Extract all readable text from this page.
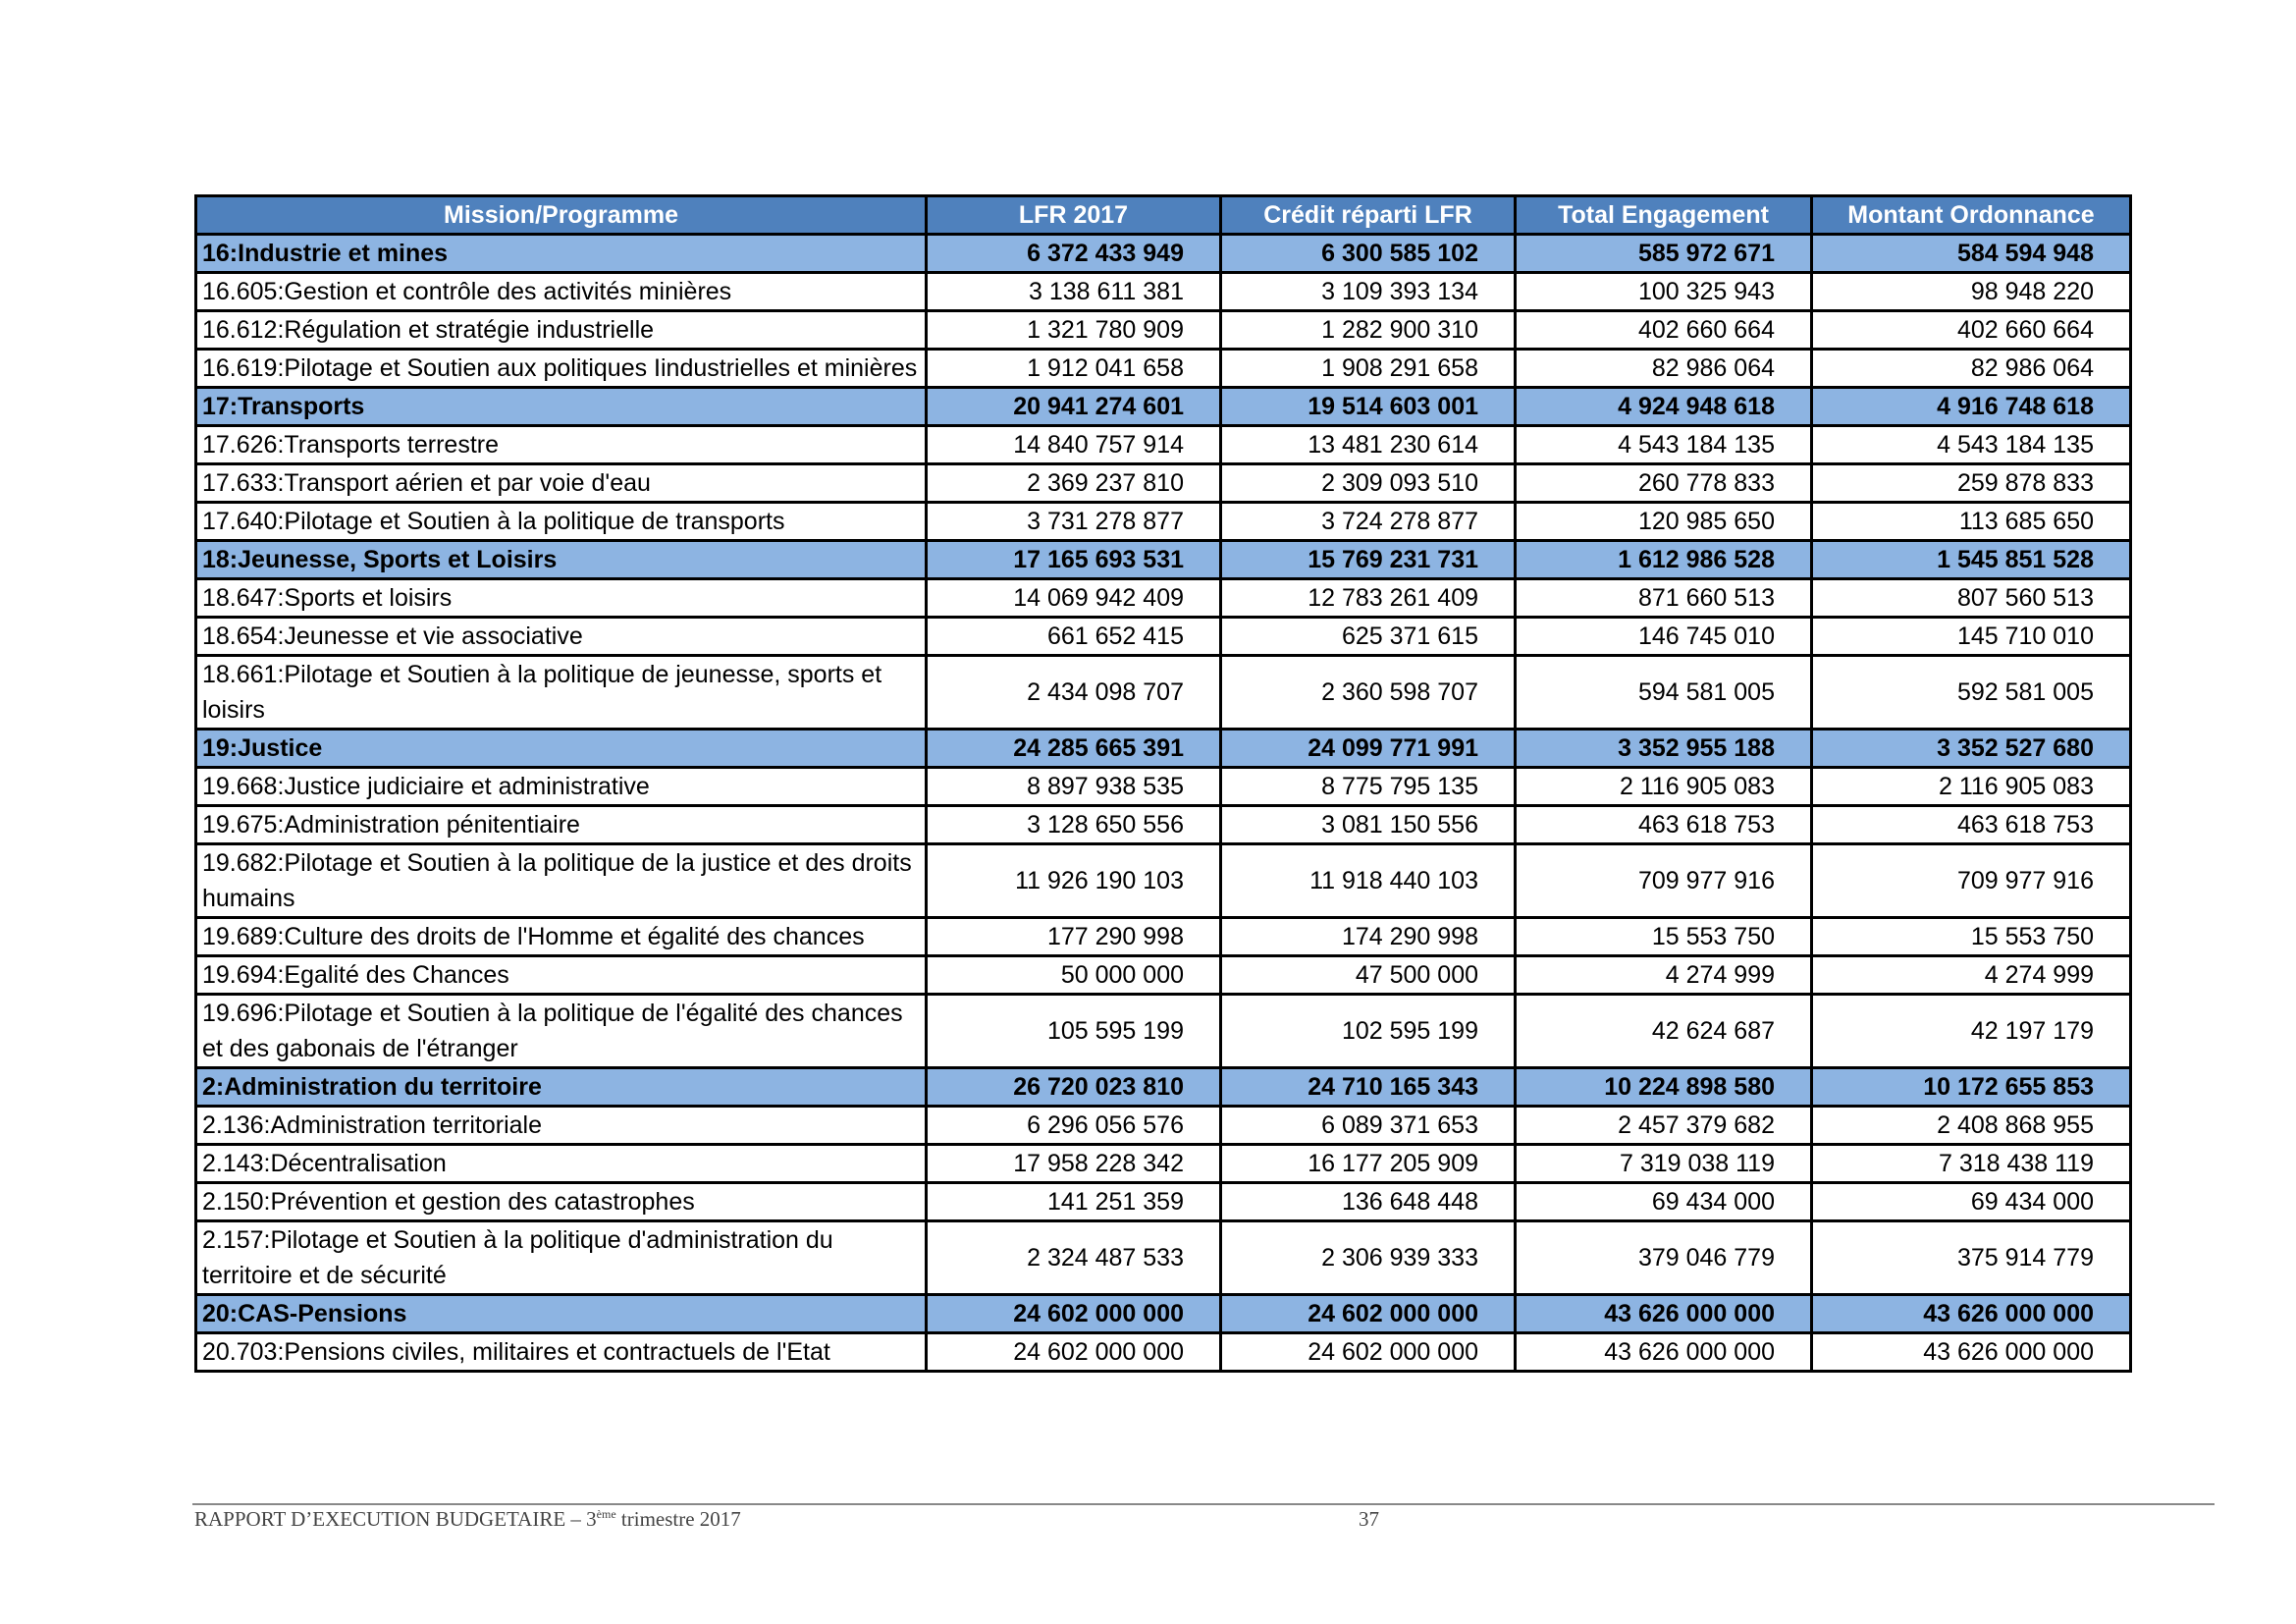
Mission/Programme	LFR 2017	Crédit réparti LFR	Total Engagement	Montant Ordonnance
16:Industrie et mines	6 372 433 949	6 300 585 102	585 972 671	584 594 948
16.605:Gestion et contrôle des activités minières	3 138 611 381	3 109 393 134	100 325 943	98 948 220
16.612:Régulation et stratégie industrielle	1 321 780 909	1 282 900 310	402 660 664	402 660 664
16.619:Pilotage et Soutien aux politiques Iindustrielles et minières	1 912 041 658	1 908 291 658	82 986 064	82 986 064
17:Transports	20 941 274 601	19 514 603 001	4 924 948 618	4 916 748 618
17.626:Transports terrestre	14 840 757 914	13 481 230 614	4 543 184 135	4 543 184 135
17.633:Transport aérien et par voie d'eau	2 369 237 810	2 309 093 510	260 778 833	259 878 833
17.640:Pilotage et Soutien à la politique de transports	3 731 278 877	3 724 278 877	120 985 650	113 685 650
18:Jeunesse, Sports et Loisirs	17 165 693 531	15 769 231 731	1 612 986 528	1 545 851 528
18.647:Sports et loisirs	14 069 942 409	12 783 261 409	871 660 513	807 560 513
18.654:Jeunesse et vie associative	661 652 415	625 371 615	146 745 010	145 710 010
18.661:Pilotage et Soutien à la politique de jeunesse, sports et loisirs	2 434 098 707	2 360 598 707	594 581 005	592 581 005
19:Justice	24 285 665 391	24 099 771 991	3 352 955 188	3 352 527 680
19.668:Justice judiciaire et administrative	8 897 938 535	8 775 795 135	2 116 905 083	2 116 905 083
19.675:Administration pénitentiaire	3 128 650 556	3 081 150 556	463 618 753	463 618 753
19.682:Pilotage et Soutien à la politique de la justice et des droits humains	11 926 190 103	11 918 440 103	709 977 916	709 977 916
19.689:Culture des droits de l'Homme et égalité des chances	177 290 998	174 290 998	15 553 750	15 553 750
19.694:Egalité des Chances	50 000 000	47 500 000	4 274 999	4 274 999
19.696:Pilotage et Soutien à la politique de l'égalité des chances et des gabonais de l'étranger	105 595 199	102 595 199	42 624 687	42 197 179
2:Administration du territoire	26 720 023 810	24 710 165 343	10 224 898 580	10 172 655 853
2.136:Administration territoriale	6 296 056 576	6 089 371 653	2 457 379 682	2 408 868 955
2.143:Décentralisation	17 958 228 342	16 177 205 909	7 319 038 119	7 318 438 119
2.150:Prévention et gestion des catastrophes	141 251 359	136 648 448	69 434 000	69 434 000
2.157:Pilotage et Soutien à la politique d'administration du territoire et de sécurité	2 324 487 533	2 306 939 333	379 046 779	375 914 779
20:CAS-Pensions	24 602 000 000	24 602 000 000	43 626 000 000	43 626 000 000
20.703:Pensions civiles, militaires et contractuels de l'Etat	24 602 000 000	24 602 000 000	43 626 000 000	43 626 000 000
RAPPORT D’EXECUTION BUDGETAIRE – 3ème trimestre 2017	37
